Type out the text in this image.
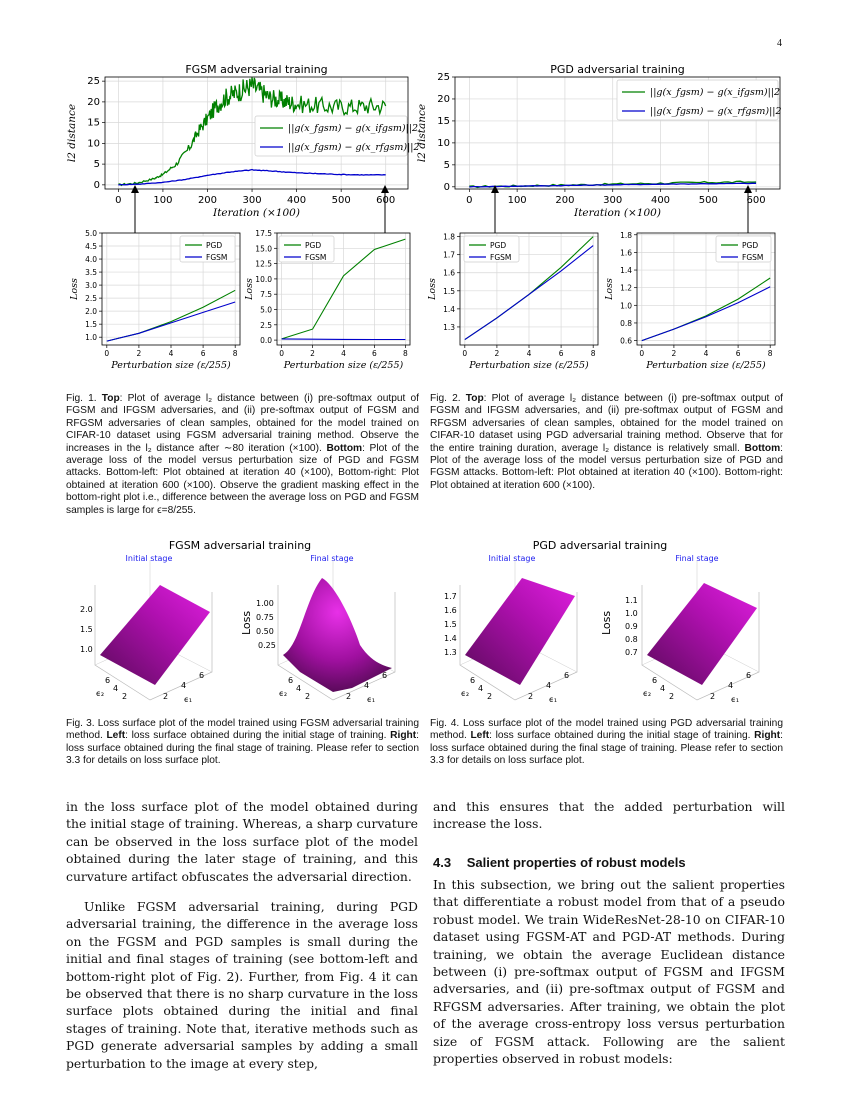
4
0	100	200	300	400	500	600
0
5
10
15
20
25
FGSM adversarial training
Iteration (×100)
l2 distance	||g(x_fgsm) − g(x_ifgsm)||2
||g(x_fgsm) − g(x_rfgsm)||2
0	2	4	6	8
1.0
1.5
2.0
2.5
3.0
3.5
4.0
4.5
5.0
Perturbation size (ε/255)
Loss
PGD
FGSM
0	2	4	6	8
0.0
2.5
5.0
7.5
10.0
12.5
15.0
17.5
Perturbation size (ε/255)
Loss
PGD
FGSM
0	100	200	300	400	500	600
0
5
10
15
20
25
PGD adversarial training
Iteration (×100)
l2 distance
||g(x_fgsm) − g(x_ifgsm)||2
||g(x_fgsm) − g(x_rfgsm)||2
0	2	4	6	8
1.3
1.4
1.5
1.6
1.7
1.8
Perturbation size (ε/255)
Loss
PGD
FGSM
0	2	4	6	8
0.6
0.8
1.0
1.2
1.4
1.6
1.8
Perturbation size (ε/255)
Loss
PGD
FGSM
Fig. 1. Top: Plot of average l₂ distance between (i) pre-softmax output of FGSM and IFGSM adversaries, and (ii) pre-softmax output of FGSM and RFGSM adversaries of clean samples, obtained for the model trained on CIFAR-10 dataset using FGSM adversarial training method. Observe the increases in the l₂ distance after ∼80 iteration (×100). Bottom: Plot of the average loss of the model versus perturbation size of PGD and FGSM attacks. Bottom-left: Plot obtained at iteration 40 (×100), Bottom-right: Plot obtained at iteration 600 (×100). Observe the gradient masking effect in the bottom-right plot i.e., difference between the average loss on PGD and FGSM samples is large for ϵ=8/255.
Fig. 2. Top: Plot of average l₂ distance between (i) pre-softmax output of FGSM and IFGSM adversaries, and (ii) pre-softmax output of FGSM and RFGSM adversaries of clean samples, obtained for the model trained on CIFAR-10 dataset using PGD adversarial training method. Observe that for the entire training duration, average l₂ distance is relatively small. Bottom: Plot of the average loss of the model versus perturbation size of PGD and FGSM attacks. Bottom-left: Plot obtained at iteration 40 (×100). Bottom-right: Plot obtained at iteration 600 (×100).
FGSM adversarial training
Initial stage	Final stage
1.0
1.5
2.0
6
4
2
ϵ₂	2
4
6
ϵ₁
1.00
0.75
0.50
0.25
Loss
6
4
2
ϵ₂	2
4
6
ϵ₁
PGD adversarial training
Initial stage	Final stage
1.3
1.4
1.5
1.6
1.7
6
4
2
ϵ₂	2
4
6
ϵ₁
0.7
0.8
0.9
1.0
1.1
Loss
6
4
2
ϵ₂	2
4
6
ϵ₁
Fig. 3. Loss surface plot of the model trained using FGSM adversarial training method. Left: loss surface obtained during the initial stage of training. Right: loss surface obtained during the final stage of training. Please refer to section 3.3 for details on loss surface plot.
Fig. 4. Loss surface plot of the model trained using PGD adversarial training method. Left: loss surface obtained during the initial stage of training. Right: loss surface obtained during the final stage of training. Please refer to section 3.3 for details on loss surface plot.

in the loss surface plot of the model obtained during the initial stage of training. Whereas, a sharp curvature can be observed in the loss surface plot of the model obtained during the later stage of training, and this curvature artifact obfuscates the adversarial direction.

Unlike FGSM adversarial training, during PGD adversarial training, the difference in the average loss on the FGSM and PGD samples is small during the initial and final stages of training (see bottom-left and bottom-right plot of Fig. 2). Further, from Fig. 4 it can be observed that there is no sharp curvature in the loss surface plots obtained during the initial and final stages of training. Note that, iterative methods such as PGD generate adversarial samples by adding a small perturbation to the image at every step,

and this ensures that the added perturbation will increase the loss.

4.3 Salient properties of robust models

In this subsection, we bring out the salient properties that differentiate a robust model from that of a pseudo robust model. We train WideResNet-28-10 on CIFAR-10 dataset using FGSM-AT and PGD-AT methods. During training, we obtain the average Euclidean distance between (i) pre-softmax output of FGSM and IFGSM adversaries, and (ii) pre-softmax output of FGSM and RFGSM adversaries. After training, we obtain the plot of the average cross-entropy loss versus perturbation size of FGSM attack. Following are the salient properties observed in robust models:
